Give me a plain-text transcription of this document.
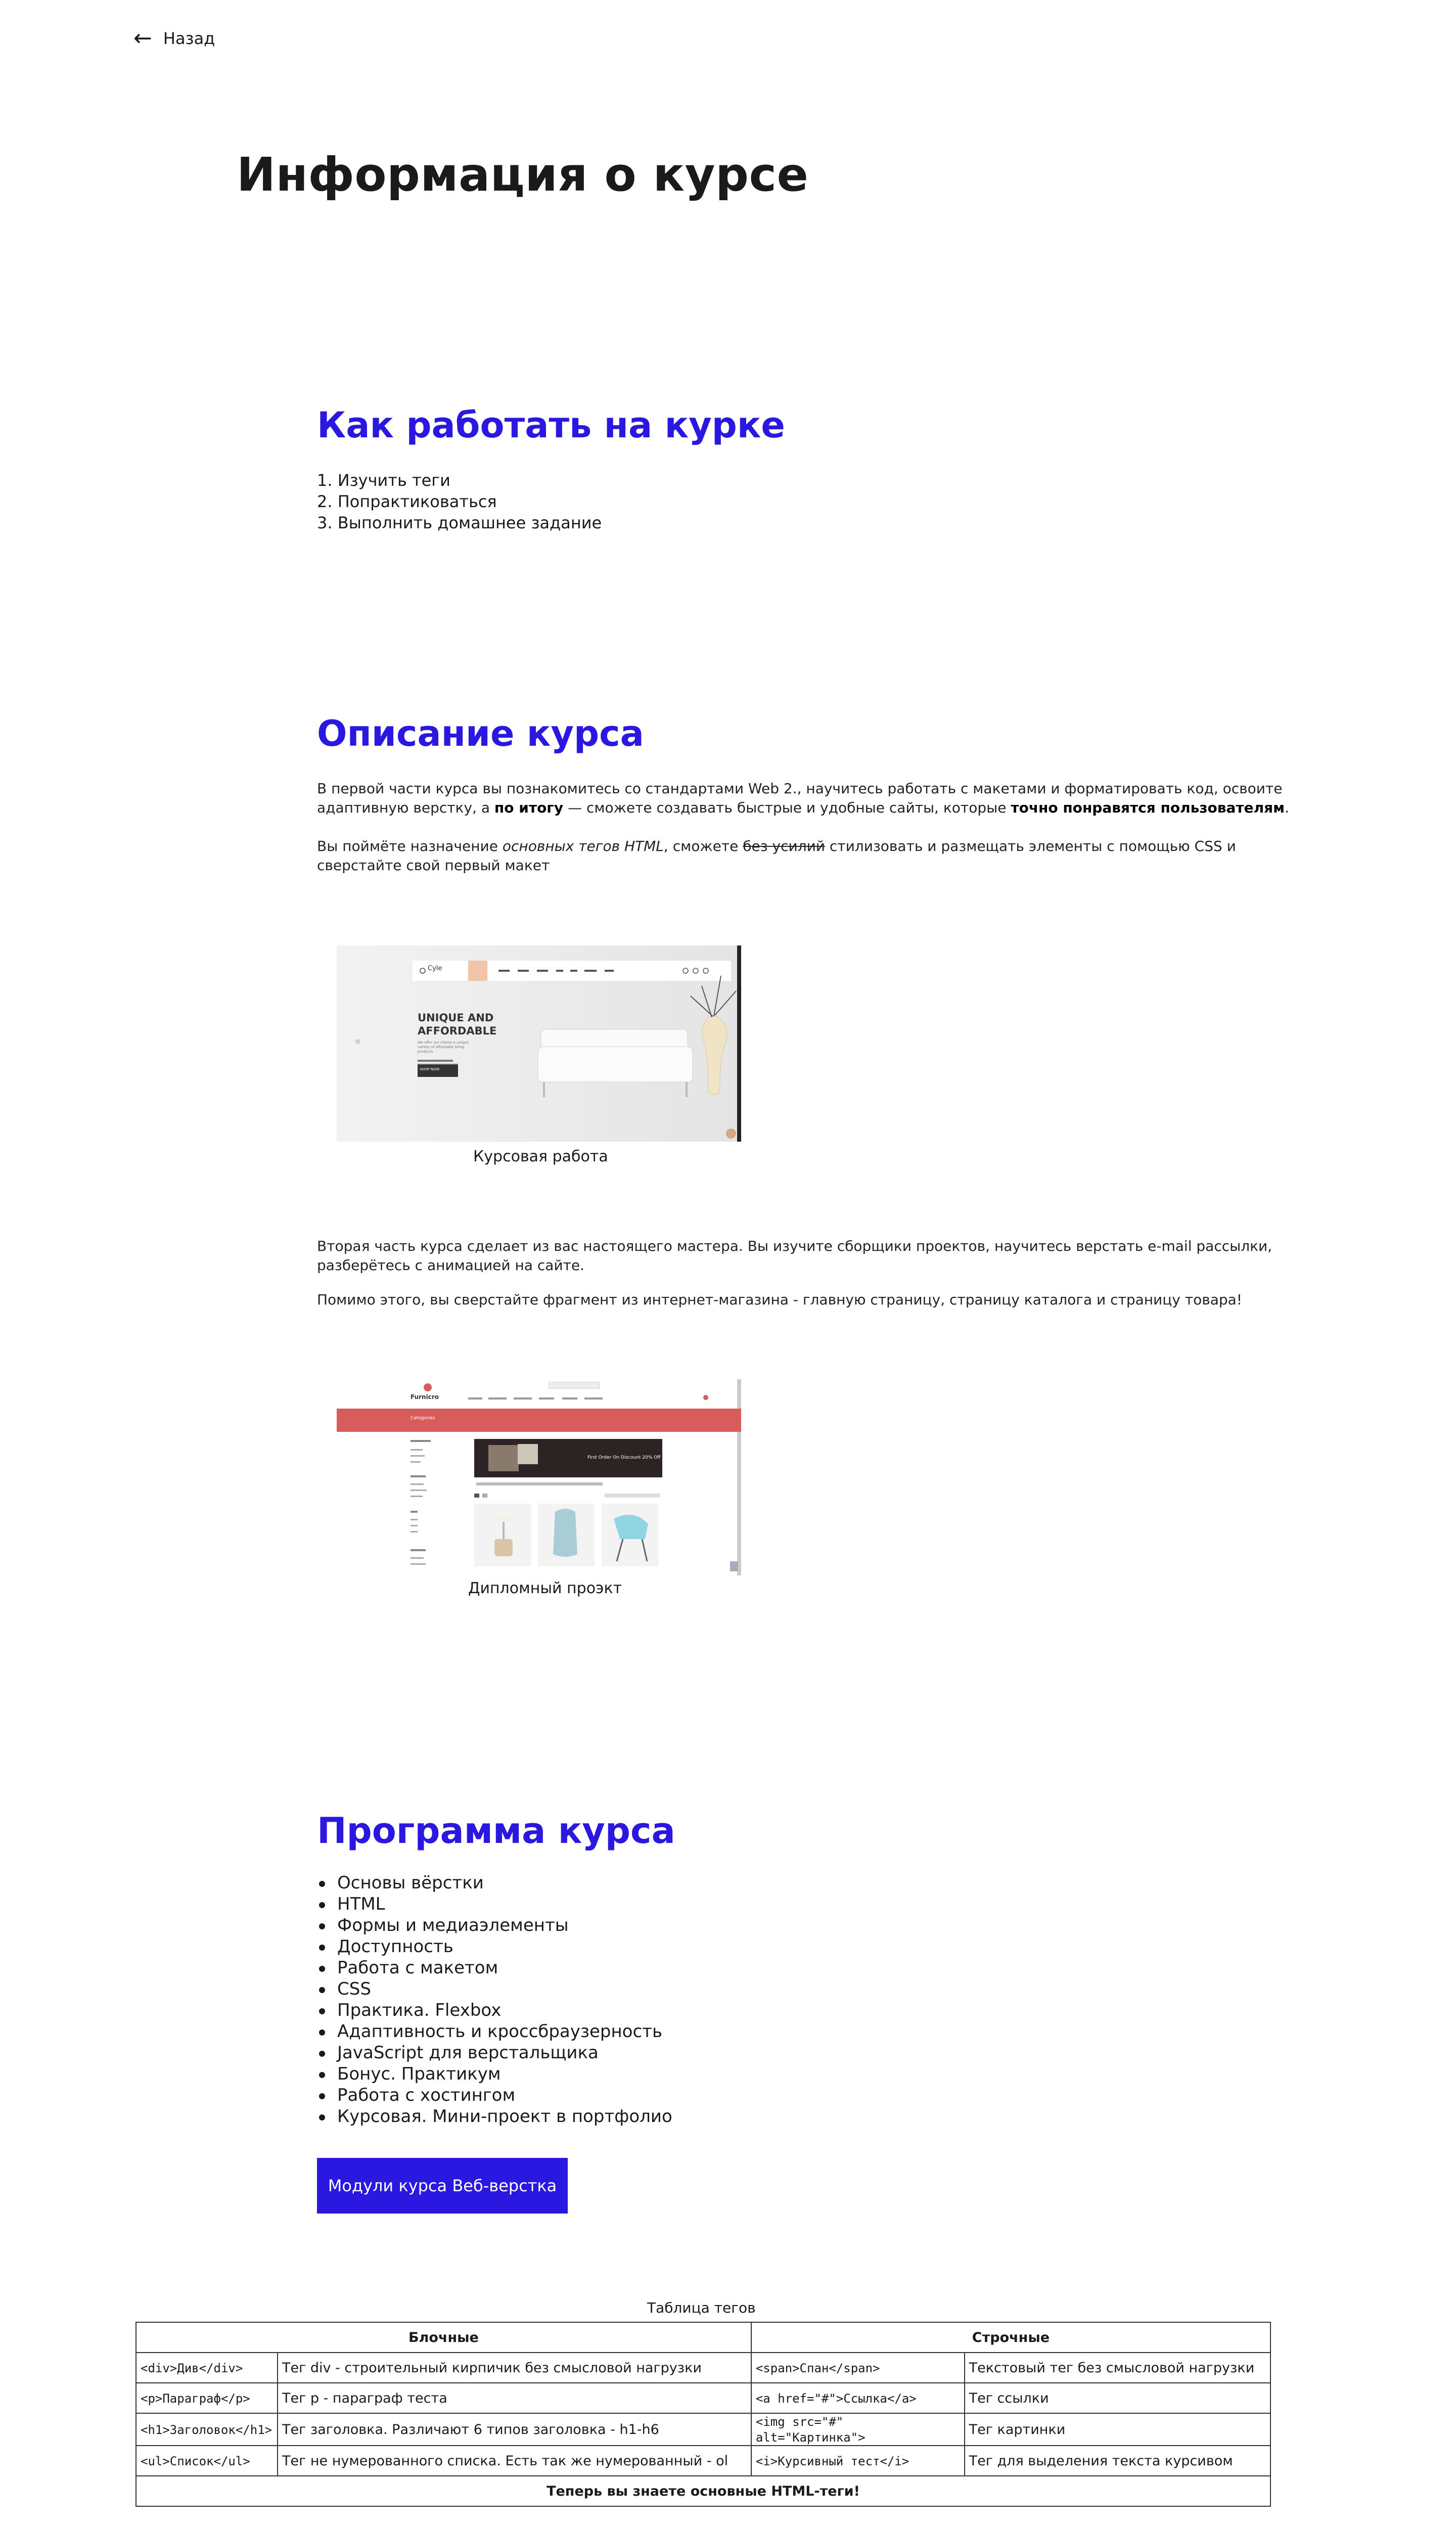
← Назад
Информация о курсе
Как работать на курке
1. Изучить теги
2. Попрактиковаться
3. Выполнить домашнее задание
Описание курса

В первой части курса вы познакомитесь со стандартами Web 2., научитесь работать с макетами и форматировать код, освоите адаптивную верстку, а по итогу — сможете создавать быстрые и удобные сайты, которые точно понравятся пользователям.

Вы поймёте назначение основных тегов HTML, сможете без усилий стилизовать и размещать элементы с помощью CSS и сверстайте свой первый макет

Cyle
UNIQUE AND
AFFORDABLE
We offer our clients a unique variety of affordable living products
SHOP NOW
Курсовая работа

Вторая часть курса сделает из вас настоящего мастера. Вы изучите сборщики проектов, научитесь верстать e-mail рассылки, разберётесь с анимацией на сайте.

Помимо этого, вы сверстайте фрагмент из интернет-магазина - главную страницу, страницу каталога и страницу товара!

Furnicro
Categories
First Order On Discount 20% Off
Дипломный проэкт
Программа курса
Основы вёрстки
HTML
Формы и медиаэлементы
Доступность
Работа с макетом
CSS
Практика. Flexbox
Адаптивность и кроссбраузерность
JavaScript для верстальщика
Бонус. Практикум
Работа с хостингом
Курсовая. Мини-проект в портфолио
Модули курса Веб-верстка
Таблица тегов
Блочные		Строчные	
<div>Див</div>	Тег div - строительный кирпичик без смысловой нагрузки	<span>Спан</span>	Текстовый тег без смысловой нагрузки
<p>Параграф</p>	Тег p - параграф теста	<a href="#">Ссылка</a>	Тег ссылки
<h1>Заголовок</h1>	Тег заголовка. Различают 6 типов заголовка - h1-h6	<img src="#" alt="Картинка">	Тег картинки
<ul>Список</ul>	Тег не нумерованного списка. Есть так же нумерованный - ol	<i>Курсивный тест</i>	Тег для выделения текста курсивом
Теперь вы знаете основные HTML-теги!			
